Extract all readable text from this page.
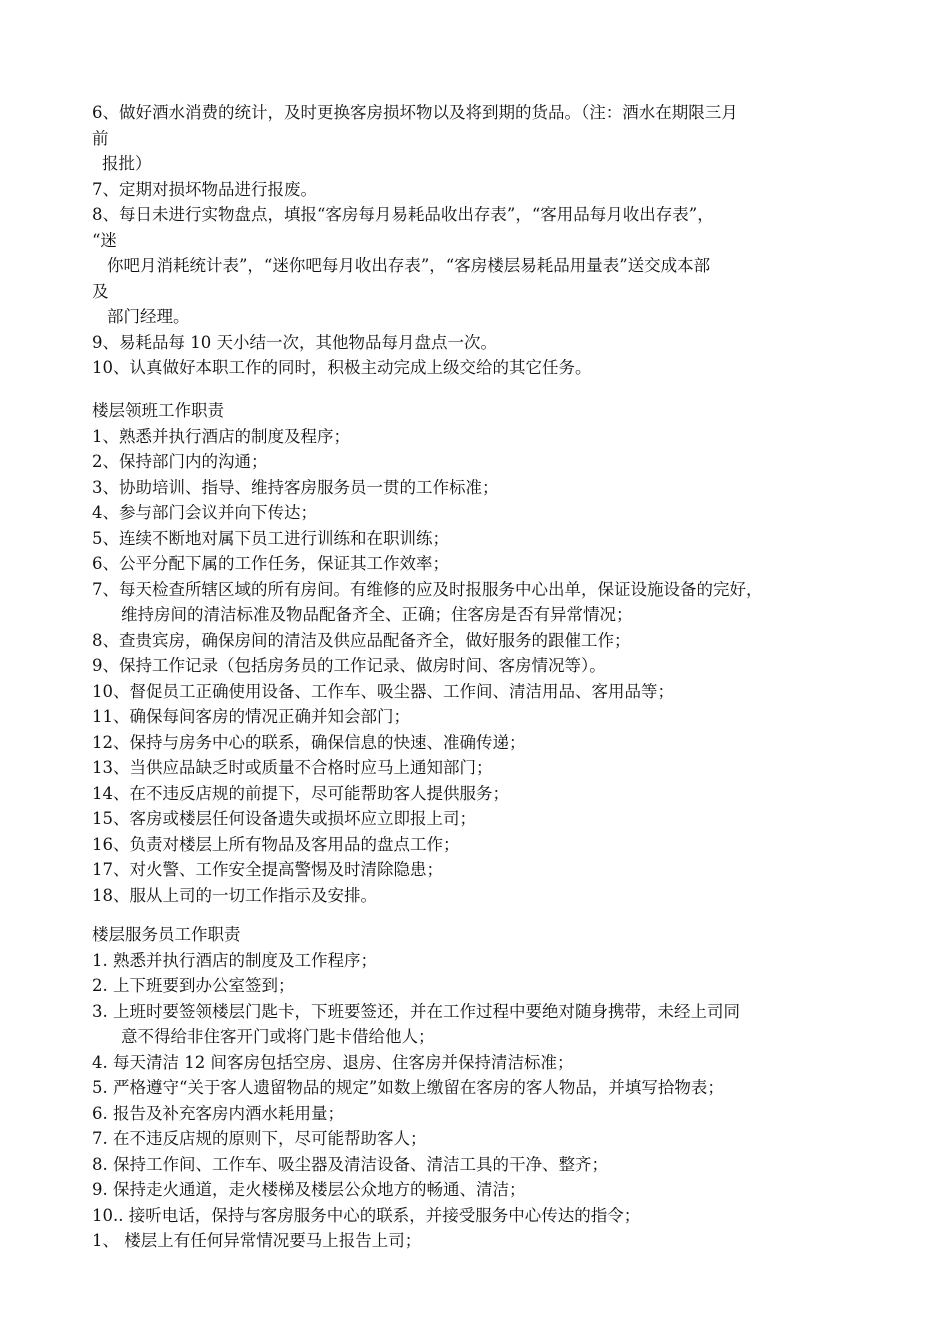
6、做好酒水消费的统计，及时更换客房损坏物以及将到期的货品。（注：酒水在期限三月
前
报批）
7、定期对损坏物品进行报废。
8、每日未进行实物盘点，填报“客房每月易耗品收出存表”，“客用品每月收出存表”，
“迷
你吧月消耗统计表”，“迷你吧每月收出存表”，“客房楼层易耗品用量表”送交成本部
及
部门经理。
9、易耗品每 10 天小结一次，其他物品每月盘点一次。
10、认真做好本职工作的同时，积极主动完成上级交给的其它任务。
楼层领班工作职责
1、熟悉并执行酒店的制度及程序；
2、保持部门内的沟通；
3、协助培训、指导、维持客房服务员一贯的工作标准；
4、参与部门会议并向下传达；
5、连续不断地对属下员工进行训练和在职训练；
6、公平分配下属的工作任务，保证其工作效率；
7、每天检查所辖区域的所有房间。有维修的应及时报服务中心出单，保证设施设备的完好，
维持房间的清洁标准及物品配备齐全、正确；住客房是否有异常情况；
8、查贵宾房，确保房间的清洁及供应品配备齐全，做好服务的跟催工作；
9、保持工作记录（包括房务员的工作记录、做房时间、客房情况等）。
10、督促员工正确使用设备、工作车、吸尘器、工作间、清洁用品、客用品等；
11、确保每间客房的情况正确并知会部门；
12、保持与房务中心的联系，确保信息的快速、准确传递；
13、当供应品缺乏时或质量不合格时应马上通知部门；
14、在不违反店规的前提下，尽可能帮助客人提供服务；
15、客房或楼层任何设备遗失或损坏应立即报上司；
16、负责对楼层上所有物品及客用品的盘点工作；
17、对火警、工作安全提高警惕及时清除隐患；
18、服从上司的一切工作指示及安排。
楼层服务员工作职责
1. 熟悉并执行酒店的制度及工作程序；
2. 上下班要到办公室签到；
3. 上班时要签领楼层门匙卡，下班要签还，并在工作过程中要绝对随身携带，未经上司同
意不得给非住客开门或将门匙卡借给他人；
4. 每天清洁 12 间客房包括空房、退房、住客房并保持清洁标准；
5. 严格遵守“关于客人遗留物品的规定”如数上缴留在客房的客人物品，并填写拾物表；
6. 报告及补充客房内酒水耗用量；
7. 在不违反店规的原则下，尽可能帮助客人；
8. 保持工作间、工作车、吸尘器及清洁设备、清洁工具的干净、整齐；
9. 保持走火通道，走火楼梯及楼层公众地方的畅通、清洁；
10.. 接听电话，保持与客房服务中心的联系，并接受服务中心传达的指令；
1、 楼层上有任何异常情况要马上报告上司；
